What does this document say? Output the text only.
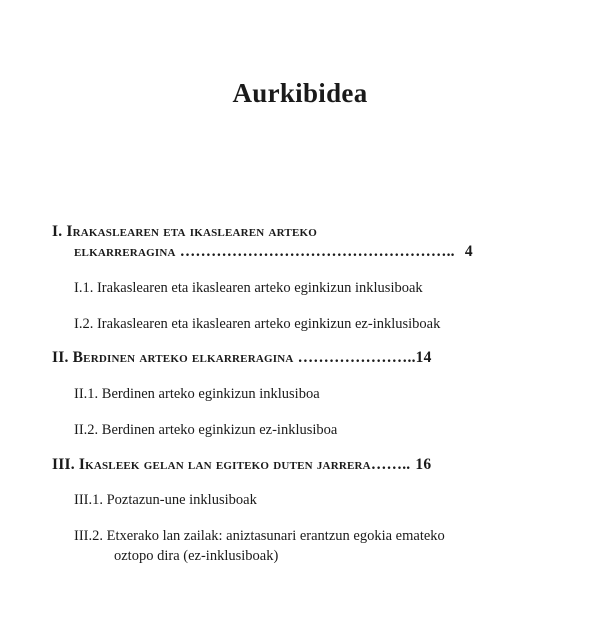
Aurkibidea
I. Irakaslearen eta ikaslearen arteko
elkarreragina …………………………………………….. 4
I.1. Irakaslearen eta ikaslearen arteko eginkizun inklusiboak
I.2. Irakaslearen eta ikaslearen arteko eginkizun ez-inklusiboak
II. Berdinen arteko elkarreragina …………………..14
II.1. Berdinen arteko eginkizun inklusiboa
II.2. Berdinen arteko eginkizun ez-inklusiboa
III. Ikasleek gelan lan egiteko duten jarrera…….. 16
III.1. Poztazun-une inklusiboak
III.2. Etxerako lan zailak: aniztasunari erantzun egokia emateko
oztopo dira (ez-inklusiboak)
